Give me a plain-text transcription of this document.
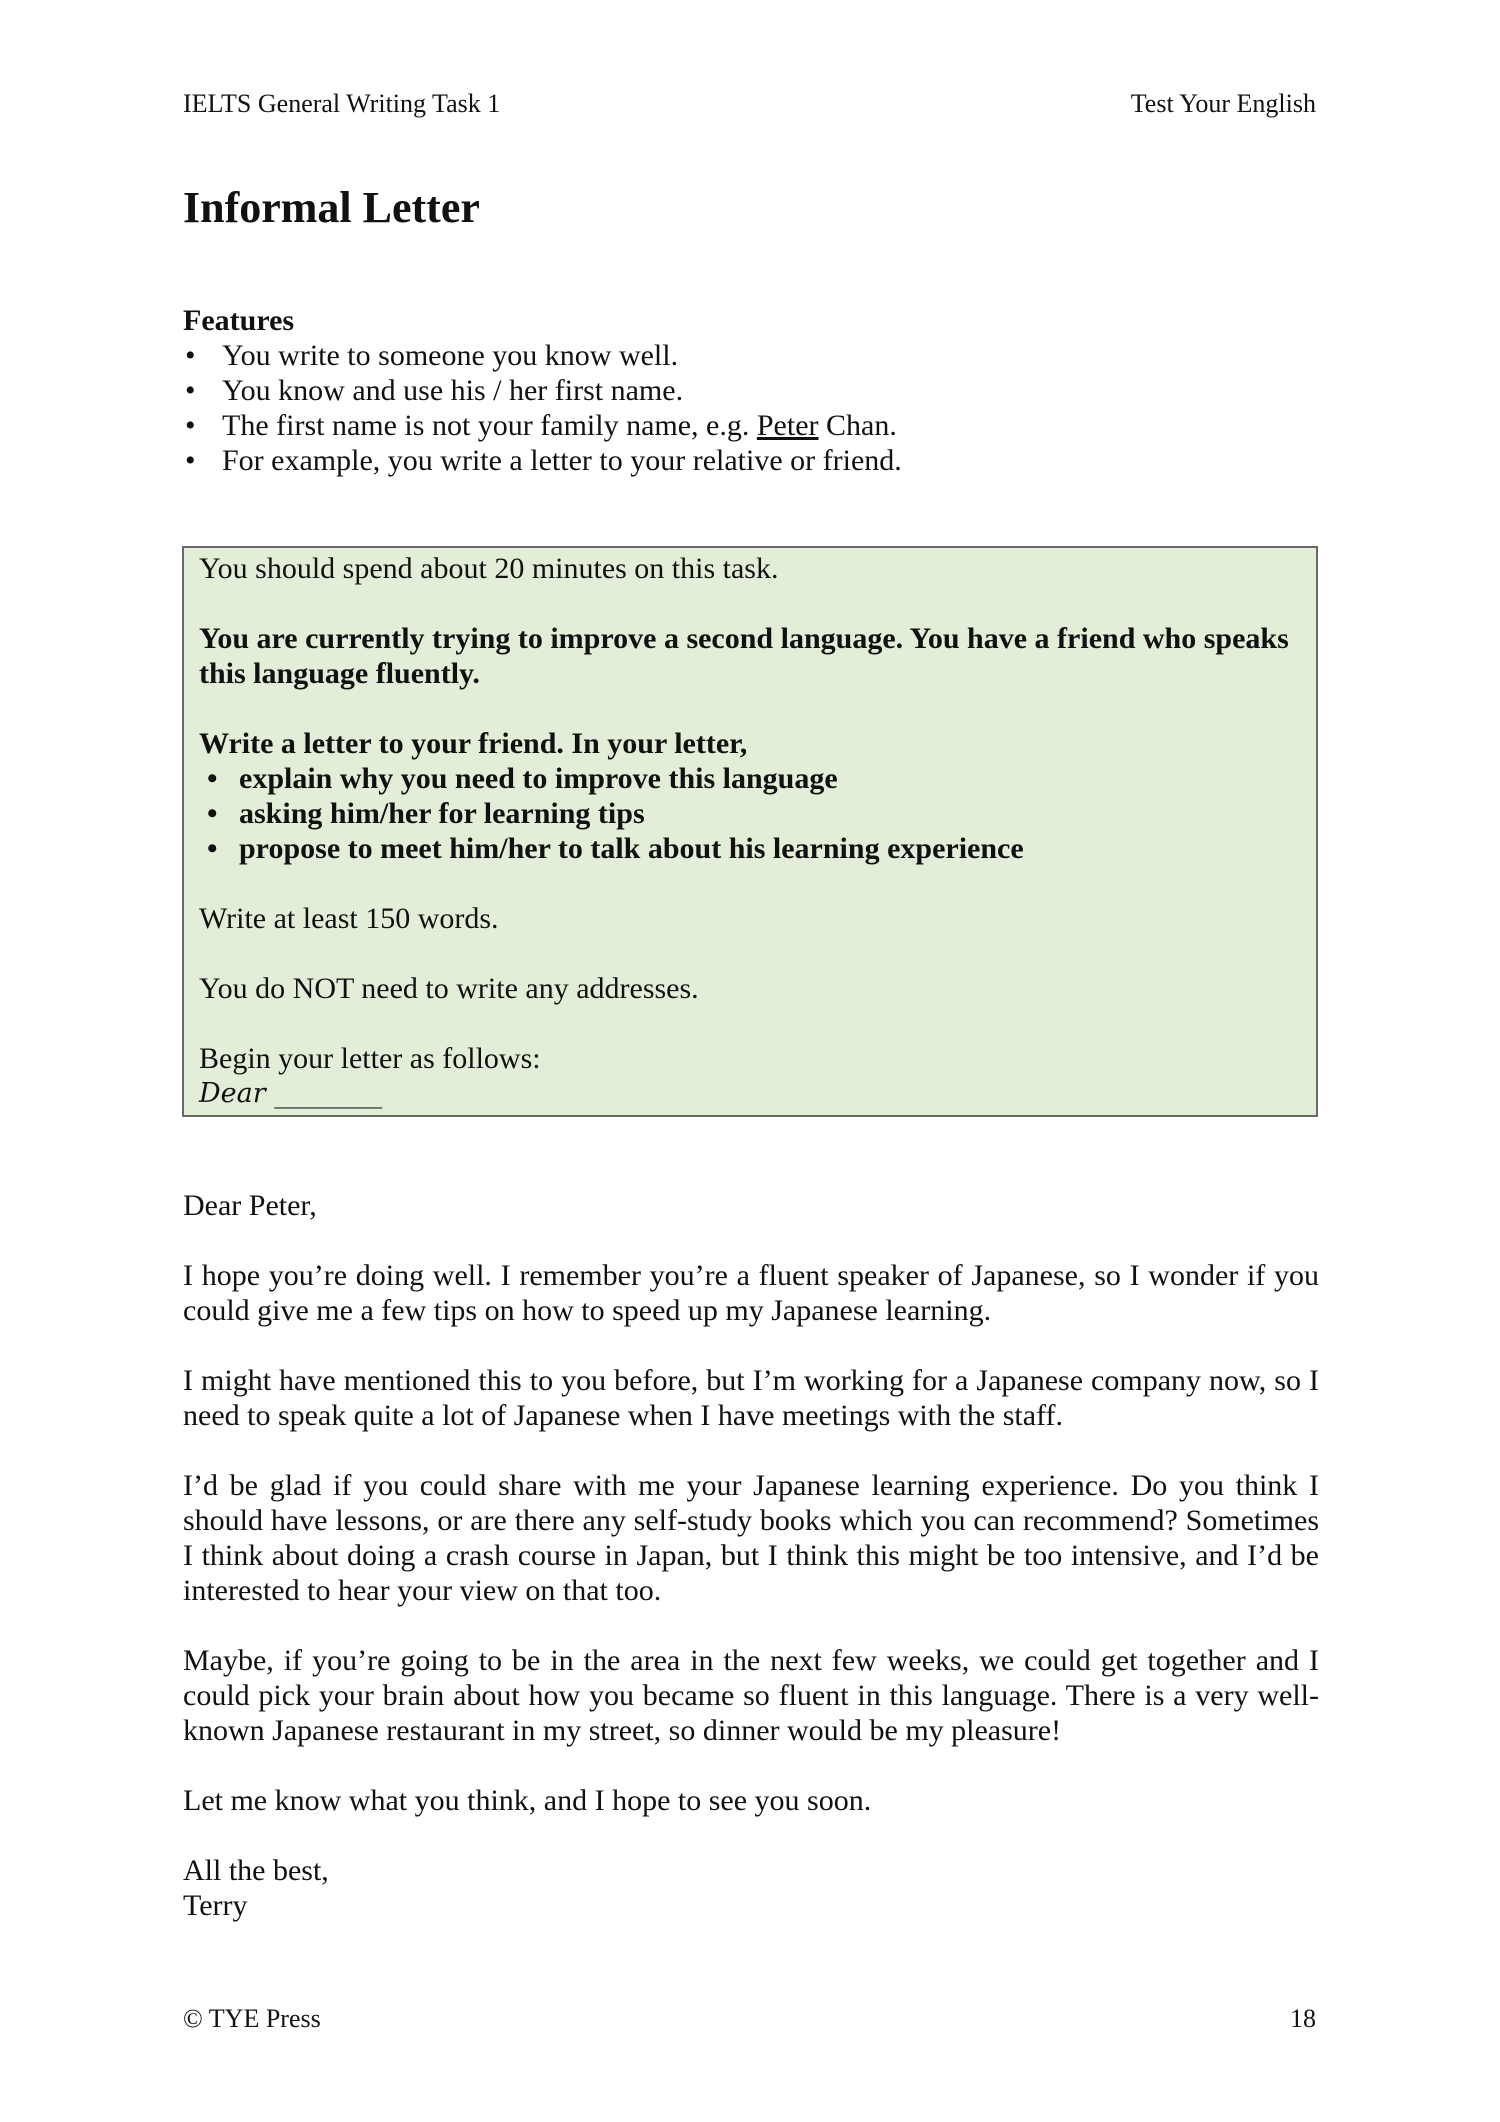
IELTS General Writing Task 1	Test Your English
Informal Letter
Features
• You write to someone you know well.
• You know and use his / her first name.
• The first name is not your family name, e.g. Peter Chan.
• For example, you write a letter to your relative or friend.

You should spend about 20 minutes on this task.

You are currently trying to improve a second language. You have a friend who speaks this language fluently.

Write a letter to your friend. In your letter,
• explain why you need to improve this language
• asking him/her for learning tips
• propose to meet him/her to talk about his learning experience

Write at least 150 words.

You do NOT need to write any addresses.

Begin your letter as follows:

Dear ________

Dear Peter,

I hope you’re doing well. I remember you’re a fluent speaker of Japanese, so I wonder if you could give me a few tips on how to speed up my Japanese learning.

I might have mentioned this to you before, but I’m working for a Japanese company now, so I need to speak quite a lot of Japanese when I have meetings with the staff.

I’d be glad if you could share with me your Japanese learning experience. Do you think I should have lessons, or are there any self-study books which you can recommend? Sometimes I think about doing a crash course in Japan, but I think this might be too intensive, and I’d be interested to hear your view on that too.

Maybe, if you’re going to be in the area in the next few weeks, we could get together and I could pick your brain about how you became so fluent in this language. There is a very well-known Japanese restaurant in my street, so dinner would be my pleasure!

Let me know what you think, and I hope to see you soon.

All the best,

Terry

© TYE Press	18
